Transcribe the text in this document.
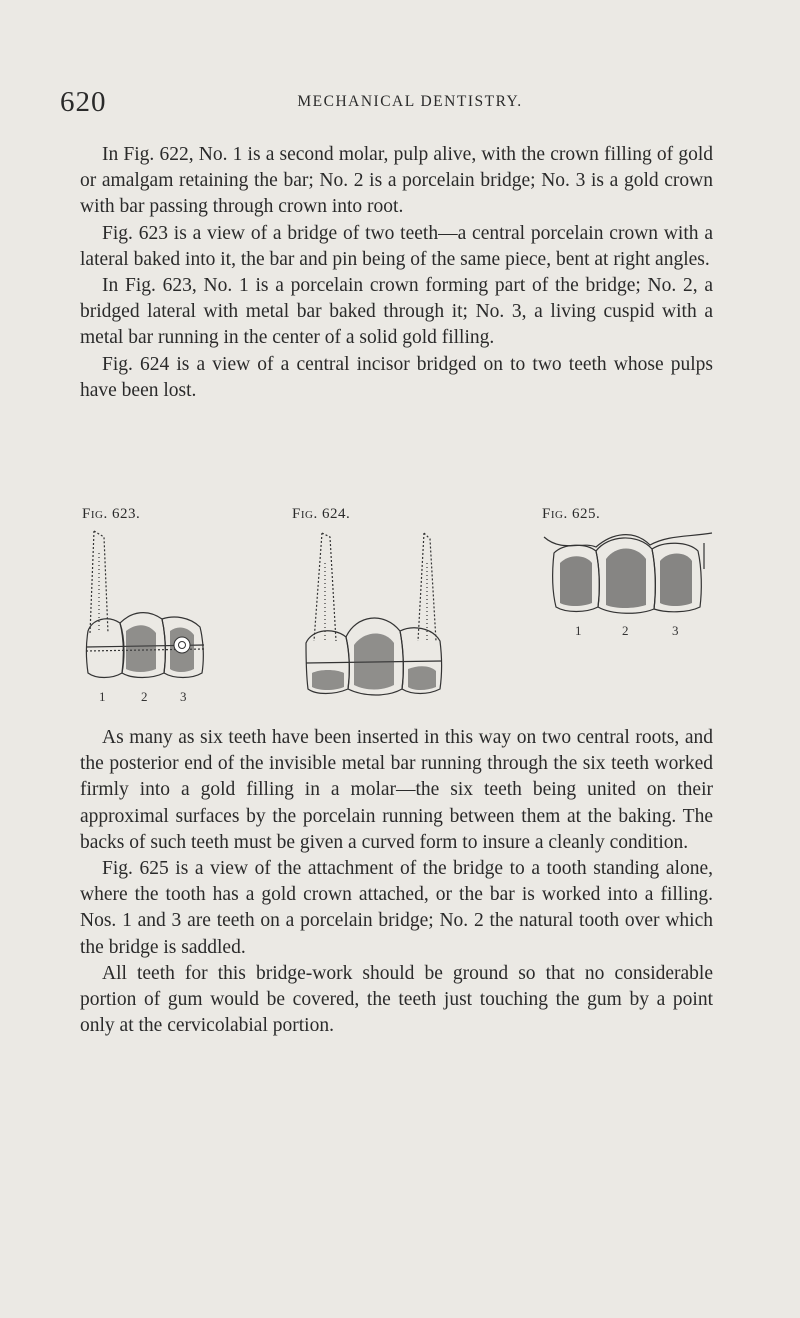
620	MECHANICAL DENTISTRY.

In Fig. 622, No. 1 is a second molar, pulp alive, with the crown filling of gold or amalgam retaining the bar; No. 2 is a porcelain bridge; No. 3 is a gold crown with bar passing through crown into root.

Fig. 623 is a view of a bridge of two teeth—a central porcelain crown with a lateral baked into it, the bar and pin being of the same piece, bent at right angles.

In Fig. 623, No. 1 is a porcelain crown forming part of the bridge; No. 2, a bridged lateral with metal bar baked through it; No. 3, a living cuspid with a metal bar running in the center of a solid gold filling.

Fig. 624 is a view of a central incisor bridged on to two teeth whose pulps have been lost.

Fig. 623.
1	2	3
Fig. 624.	Fig. 625.
1	2	3

As many as six teeth have been inserted in this way on two central roots, and the posterior end of the invisible metal bar running through the six teeth worked firmly into a gold filling in a molar—the six teeth being united on their approximal surfaces by the porcelain running between them at the baking. The backs of such teeth must be given a curved form to insure a cleanly condition.

Fig. 625 is a view of the attachment of the bridge to a tooth standing alone, where the tooth has a gold crown attached, or the bar is worked into a filling. Nos. 1 and 3 are teeth on a porcelain bridge; No. 2 the natural tooth over which the bridge is saddled.

All teeth for this bridge-work should be ground so that no considerable portion of gum would be covered, the teeth just touching the gum by a point only at the cervicolabial portion.
